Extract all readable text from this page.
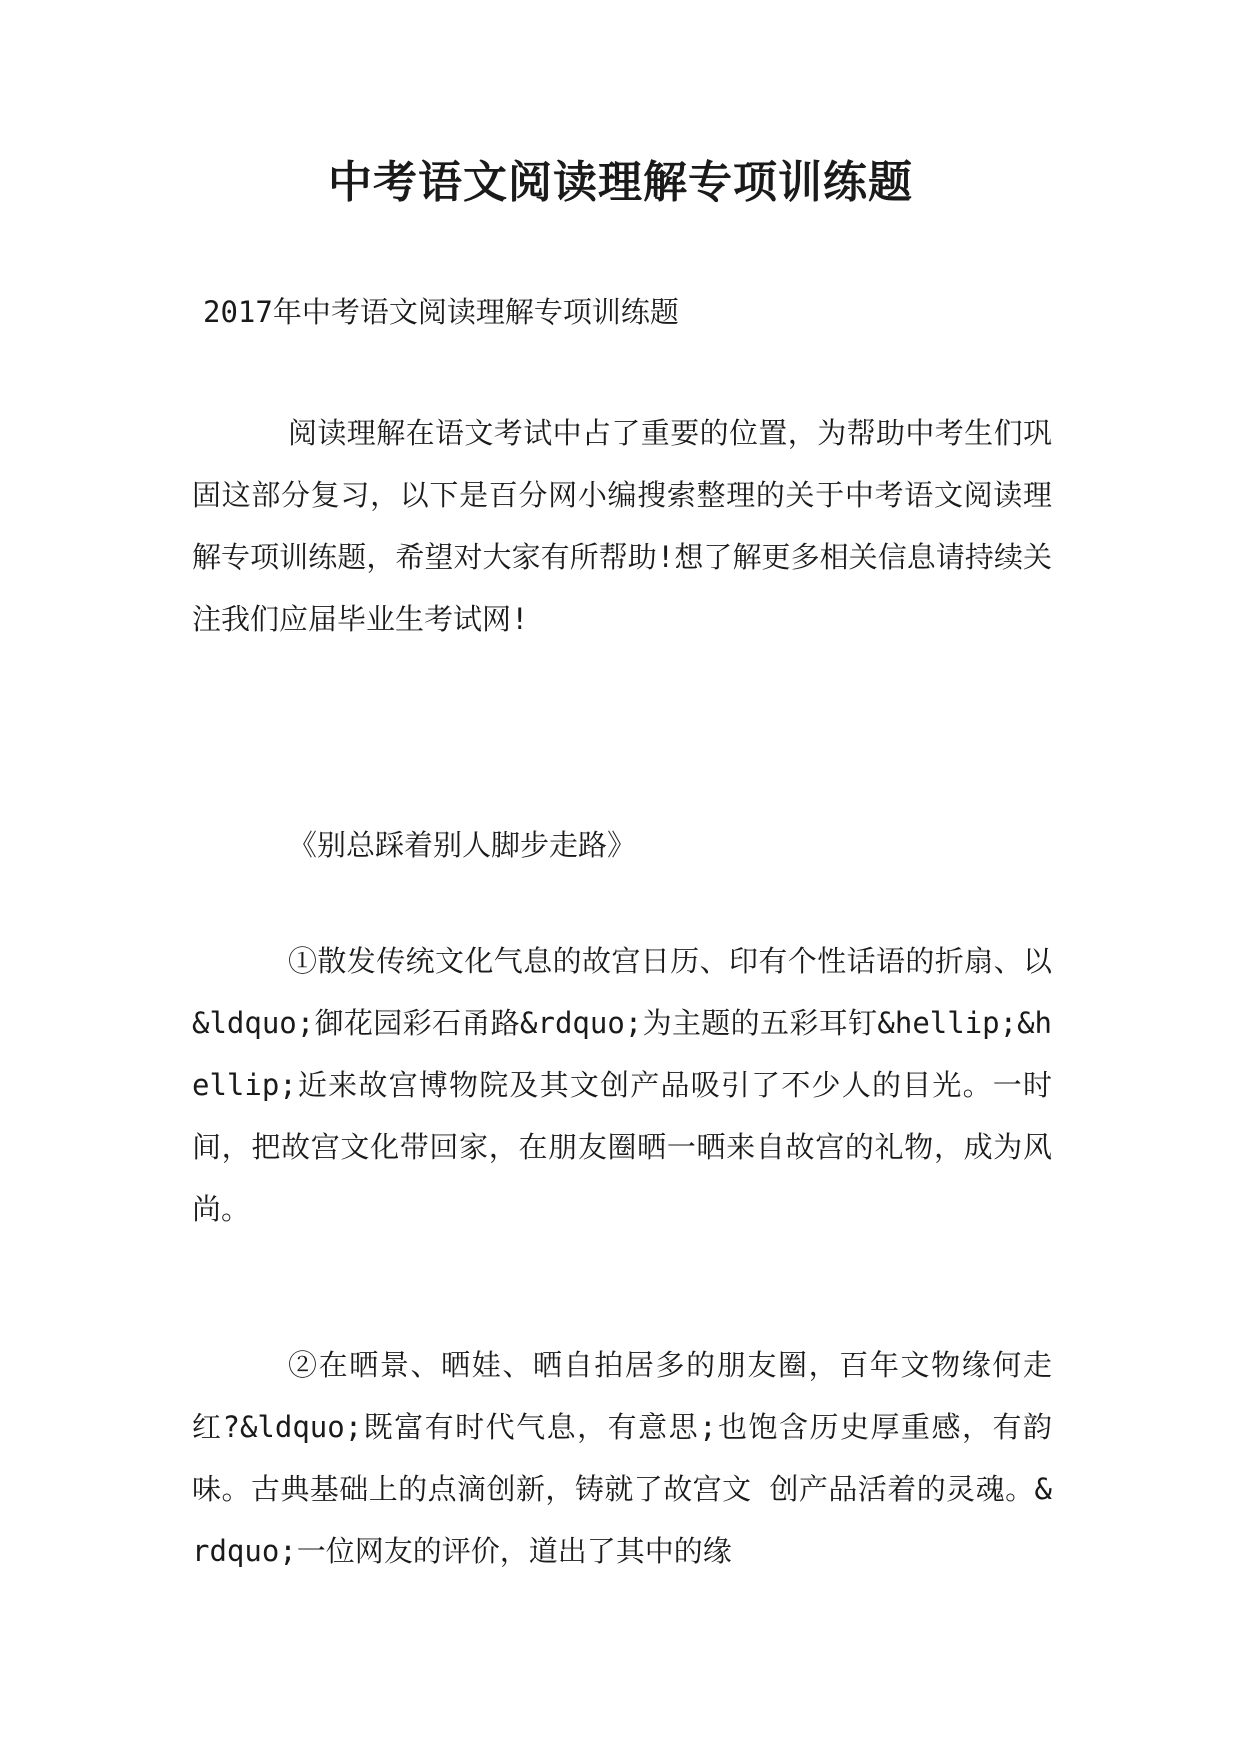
中考语文阅读理解专项训练题
2017年中考语文阅读理解专项训练题
阅读理解在语文考试中占了重要的位置，为帮助中考生们巩固这部分复习，以下是百分网小编搜索整理的关于中考语文阅读理解专项训练题，希望对大家有所帮助!想了解更多相关信息请持续关注我们应届毕业生考试网!
《别总踩着别人脚步走路》
①散发传统文化气息的故宫日历、印有个性话语的折扇、以&ldquo;御花园彩石甬路&rdquo;为主题的五彩耳钉&hellip;&hellip;近来故宫博物院及其文创产品吸引了不少人的目光。一时间，把故宫文化带回家，在朋友圈晒一晒来自故宫的礼物，成为风尚。
②在晒景、晒娃、晒自拍居多的朋友圈，百年文物缘何走红?&ldquo;既富有时代气息，有意思;也饱含历史厚重感，有韵味。古典基础上的点滴创新，铸就了故宫文 创产品活着的灵魂。&rdquo;一位网友的评价，道出了其中的缘
